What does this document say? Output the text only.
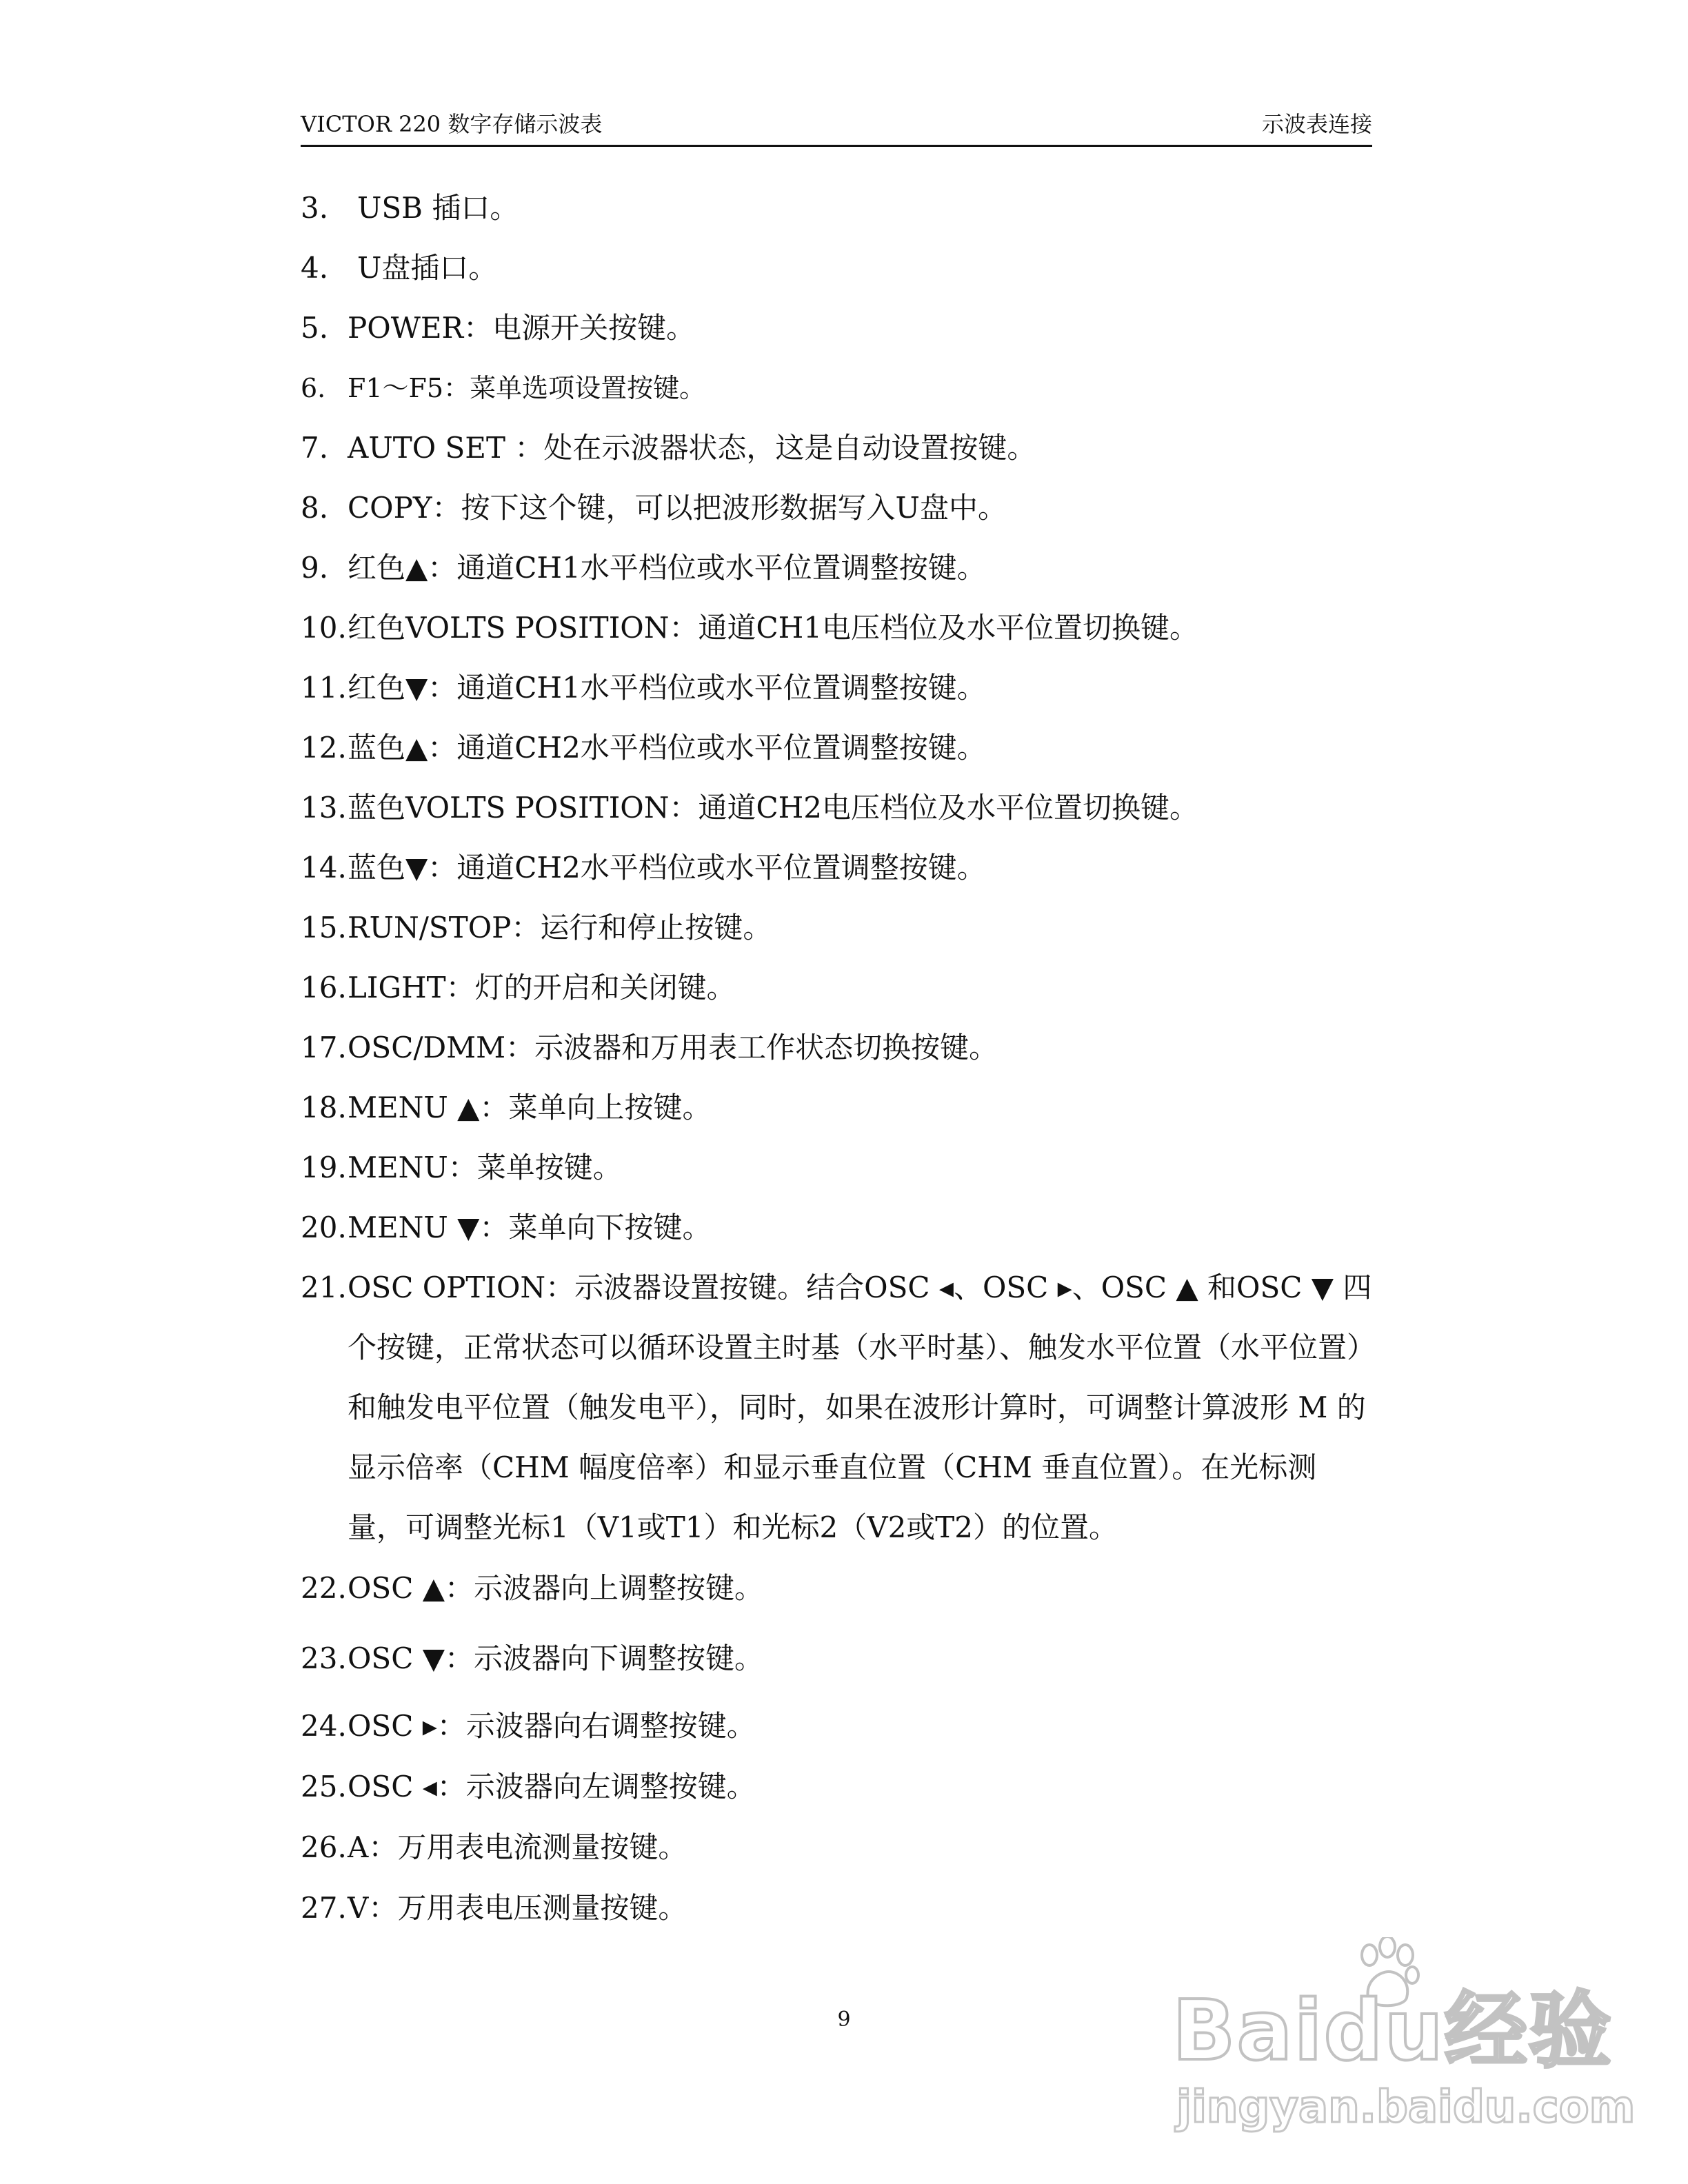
VICTOR 220 数字存储示波表	示波表连接
3. USB 插口。
4. U盘插口。
5. POWER：电源开关按键。
6. F1～F5：菜单选项设置按键。
7. AUTO SET ：处在示波器状态，这是自动设置按键。
8. COPY：按下这个键，可以把波形数据写入U盘中。
9. 红色▲：通道CH1水平档位或水平位置调整按键。
10. 红色VOLTS POSITION：通道CH1电压档位及水平位置切换键。
11. 红色▼：通道CH1水平档位或水平位置调整按键。
12. 蓝色▲：通道CH2水平档位或水平位置调整按键。
13. 蓝色VOLTS POSITION：通道CH2电压档位及水平位置切换键。
14. 蓝色▼：通道CH2水平档位或水平位置调整按键。
15. RUN/STOP：运行和停止按键。
16. LIGHT：灯的开启和关闭键。
17. OSC/DMM：示波器和万用表工作状态切换按键。
18. MENU ▲：菜单向上按键。
19. MENU：菜单按键。
20. MENU ▼：菜单向下按键。
21. OSC OPTION：示波器设置按键。结合OSC ◂、OSC ▸、OSC ▲ 和OSC ▼ 四个按键，正常状态可以循环设置主时基（水平时基）、触发水平位置（水平位置）和触发电平位置（触发电平），同时，如果在波形计算时，可调整计算波形 M 的显示倍率（CHM 幅度倍率）和显示垂直位置（CHM 垂直位置）。在光标测量，可调整光标1（V1或T1）和光标2（V2或T2）的位置。
22. OSC ▲：示波器向上调整按键。
23. OSC ▼：示波器向下调整按键。
24. OSC ▸：示波器向右调整按键。
25. OSC ◂：示波器向左调整按键。
26. A：万用表电流测量按键。
27. V：万用表电压测量按键。
9	Baidu经验
jingyan.baidu.com
